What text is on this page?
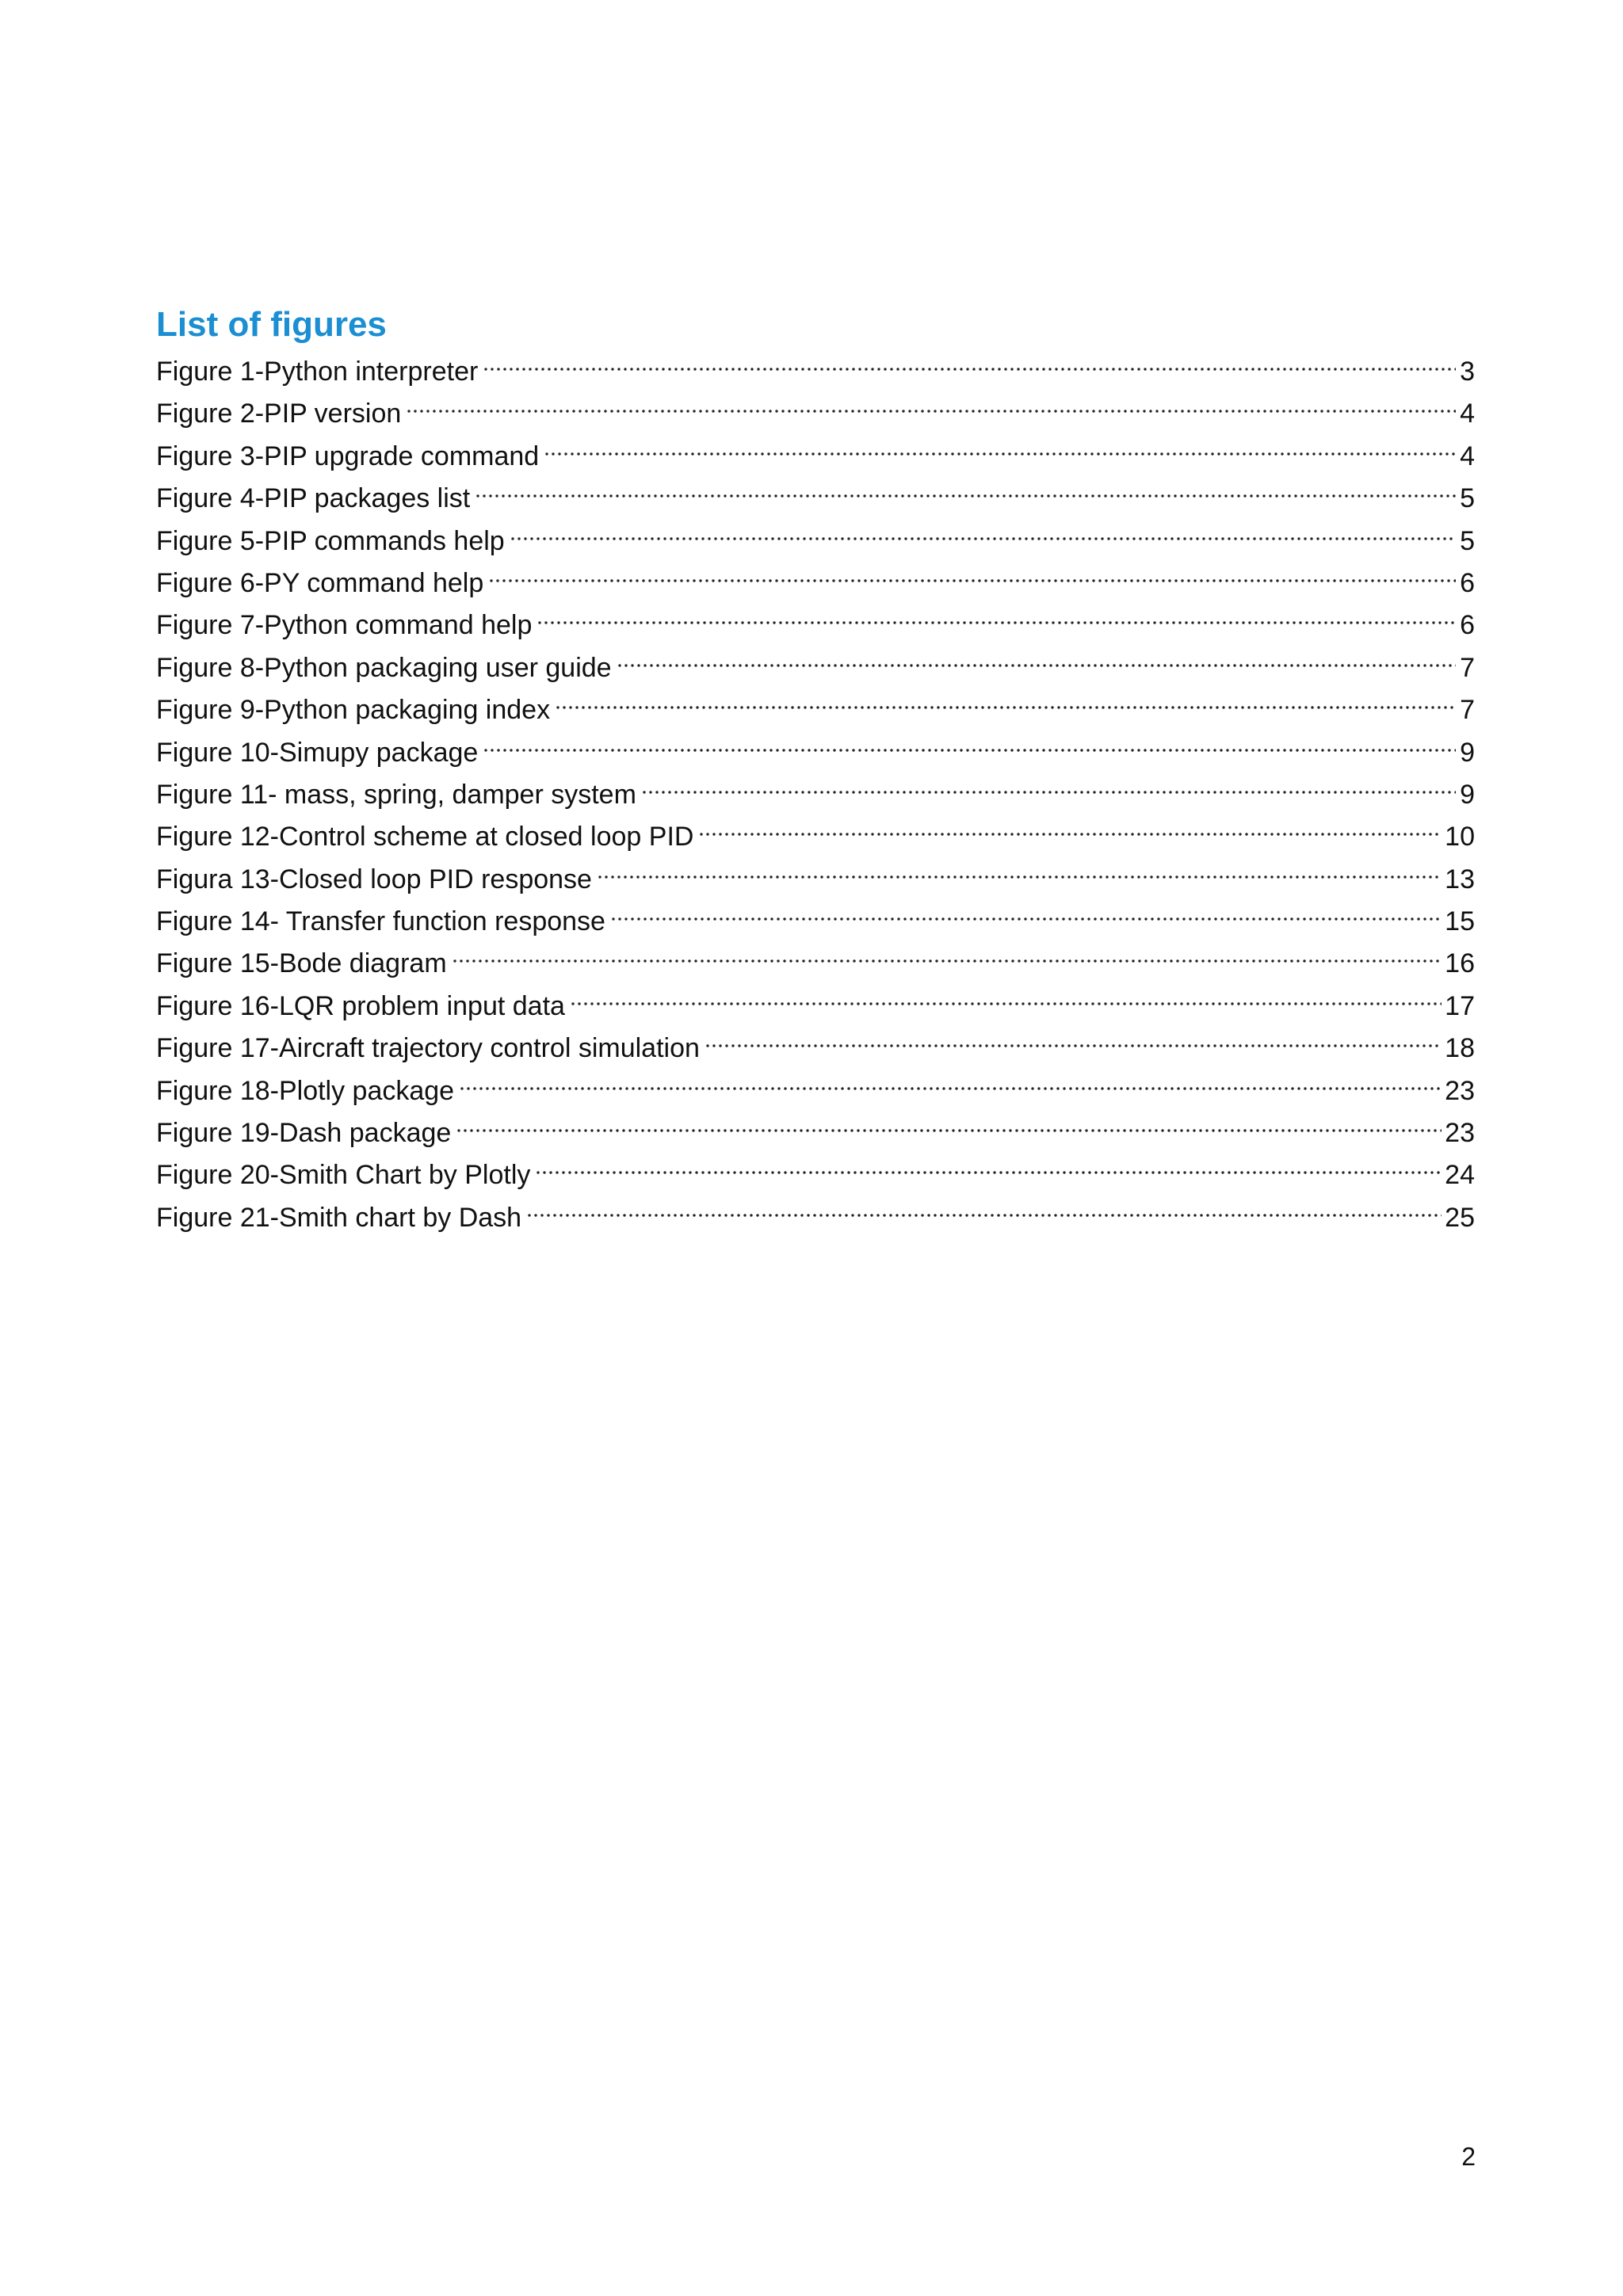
List of figures
Figure 1-Python interpreter	3
Figure 2-PIP version	4
Figure 3-PIP upgrade command	4
Figure 4-PIP packages list	5
Figure 5-PIP commands help	5
Figure 6-PY command help	6
Figure 7-Python command help	6
Figure 8-Python packaging user guide	7
Figure 9-Python packaging index	7
Figure 10-Simupy package	9
Figure 11- mass, spring, damper system	9
Figure 12-Control scheme at closed loop PID	10
Figura 13-Closed loop PID response	13
Figure 14- Transfer function response	15
Figure 15-Bode diagram	16
Figure 16-LQR problem input data	17
Figure 17-Aircraft trajectory control simulation	18
Figure 18-Plotly package	23
Figure 19-Dash package	23
Figure 20-Smith Chart by Plotly	24
Figure 21-Smith chart by Dash	25
2
